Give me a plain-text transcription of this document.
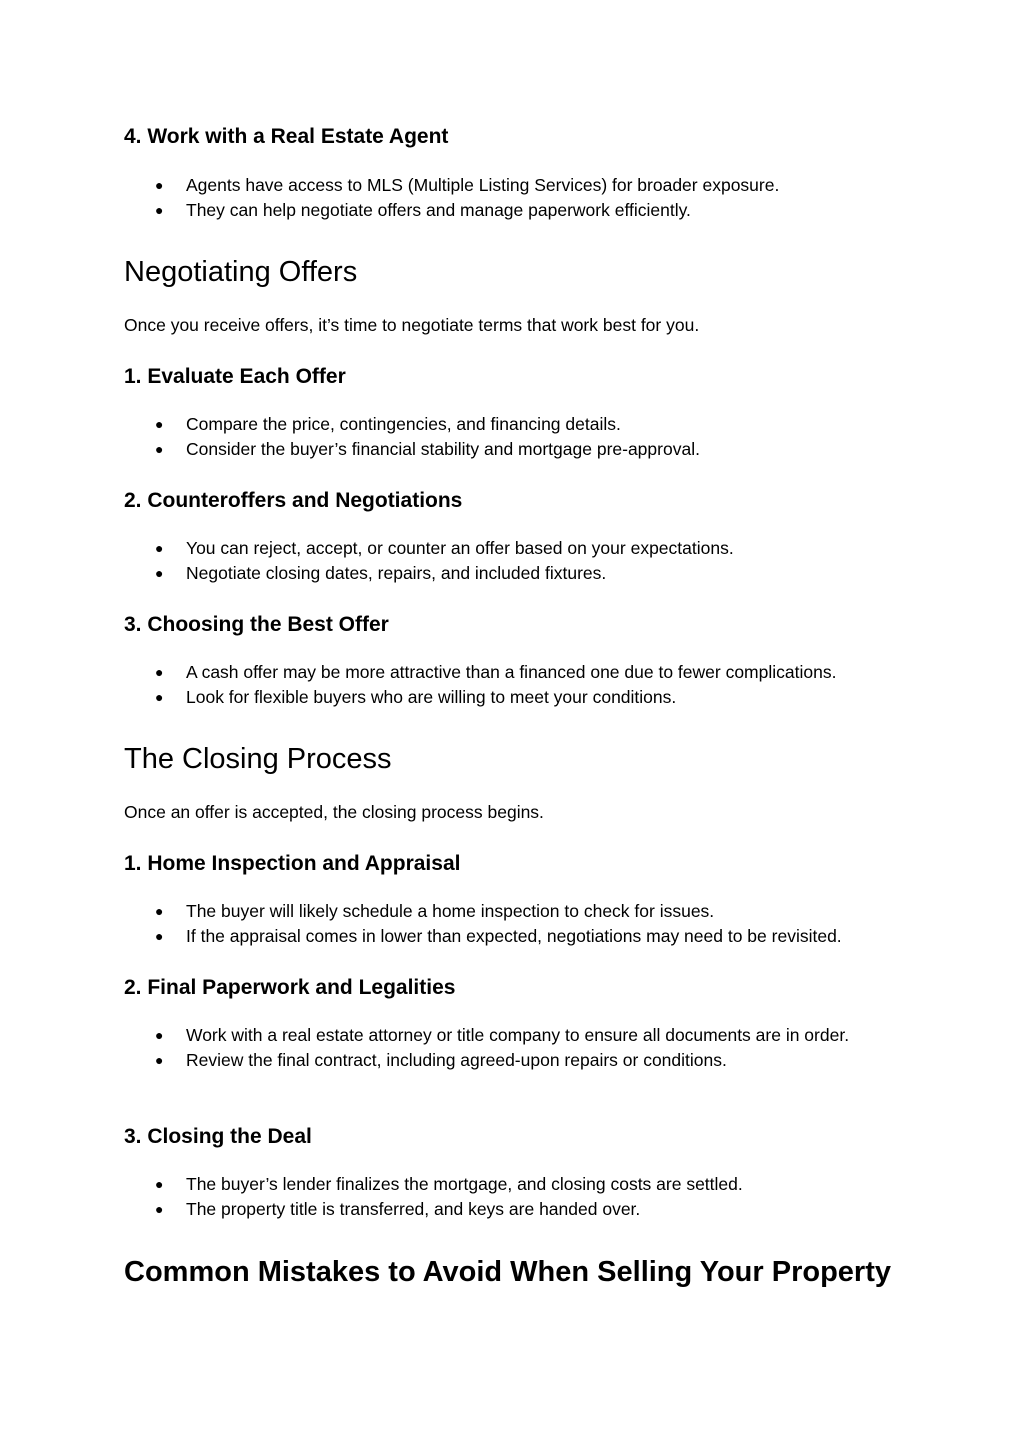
4. Work with a Real Estate Agent
● Agents have access to MLS (Multiple Listing Services) for broader exposure.
● They can help negotiate offers and manage paperwork efficiently.
Negotiating Offers
Once you receive offers, it’s time to negotiate terms that work best for you.
1. Evaluate Each Offer
● Compare the price, contingencies, and financing details.
● Consider the buyer’s financial stability and mortgage pre-approval.
2. Counteroffers and Negotiations
● You can reject, accept, or counter an offer based on your expectations.
● Negotiate closing dates, repairs, and included fixtures.
3. Choosing the Best Offer
● A cash offer may be more attractive than a financed one due to fewer complications.
● Look for flexible buyers who are willing to meet your conditions.
The Closing Process
Once an offer is accepted, the closing process begins.
1. Home Inspection and Appraisal
● The buyer will likely schedule a home inspection to check for issues.
● If the appraisal comes in lower than expected, negotiations may need to be revisited.
2. Final Paperwork and Legalities
● Work with a real estate attorney or title company to ensure all documents are in order.
● Review the final contract, including agreed-upon repairs or conditions.
3. Closing the Deal
● The buyer’s lender finalizes the mortgage, and closing costs are settled.
● The property title is transferred, and keys are handed over.
Common Mistakes to Avoid When Selling Your Property
